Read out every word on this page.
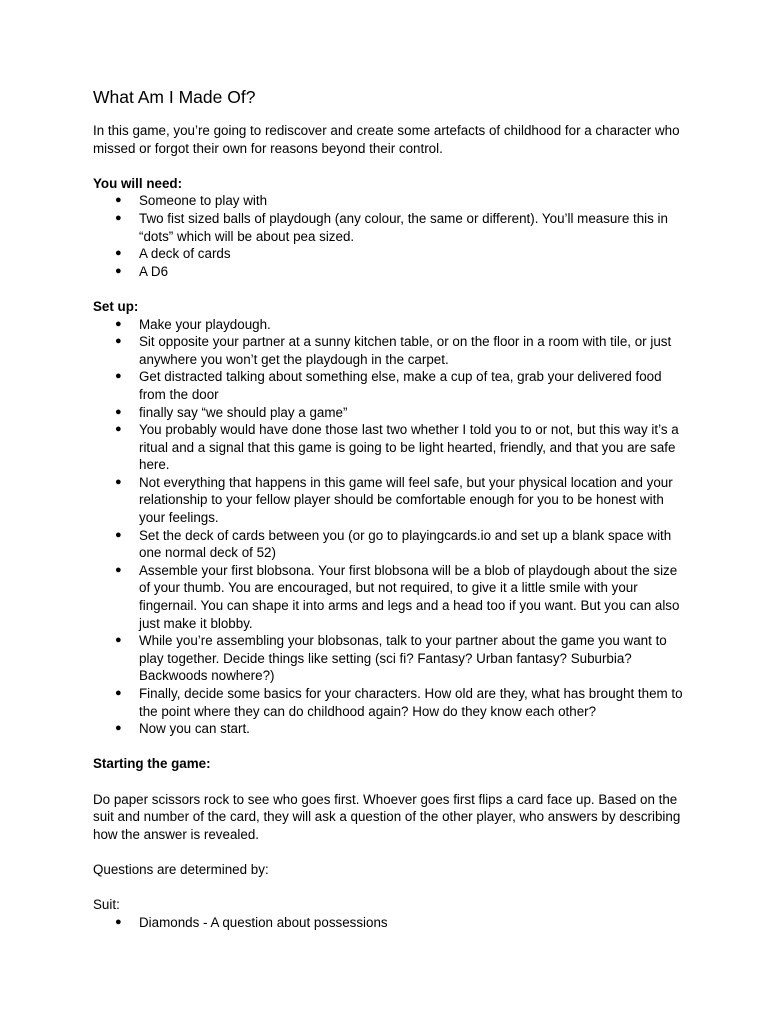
What Am I Made Of?

In this game, you’re going to rediscover and create some artefacts of childhood for a character who missed or forgot their own for reasons beyond their control.

You will need:

● Someone to play with
● Two fist sized balls of playdough (any colour, the same or different). You’ll measure this in “dots” which will be about pea sized.
● A deck of cards
● A D6

Set up:

● Make your playdough.
● Sit opposite your partner at a sunny kitchen table, or on the floor in a room with tile, or just anywhere you won’t get the playdough in the carpet.
● Get distracted talking about something else, make a cup of tea, grab your delivered food from the door
● finally say “we should play a game”
● You probably would have done those last two whether I told you to or not, but this way it’s a ritual and a signal that this game is going to be light hearted, friendly, and that you are safe here.
● Not everything that happens in this game will feel safe, but your physical location and your relationship to your fellow player should be comfortable enough for you to be honest with your feelings.
● Set the deck of cards between you (or go to playingcards.io and set up a blank space with one normal deck of 52)
● Assemble your first blobsona. Your first blobsona will be a blob of playdough about the size of your thumb. You are encouraged, but not required, to give it a little smile with your fingernail. You can shape it into arms and legs and a head too if you want. But you can also just make it blobby.
● While you’re assembling your blobsonas, talk to your partner about the game you want to play together. Decide things like setting (sci fi? Fantasy? Urban fantasy? Suburbia? Backwoods nowhere?)
● Finally, decide some basics for your characters. How old are they, what has brought them to the point where they can do childhood again? How do they know each other?
● Now you can start.

Starting the game:

Do paper scissors rock to see who goes first. Whoever goes first flips a card face up. Based on the suit and number of the card, they will ask a question of the other player, who answers by describing how the answer is revealed.

Questions are determined by:

Suit:

● Diamonds - A question about possessions
